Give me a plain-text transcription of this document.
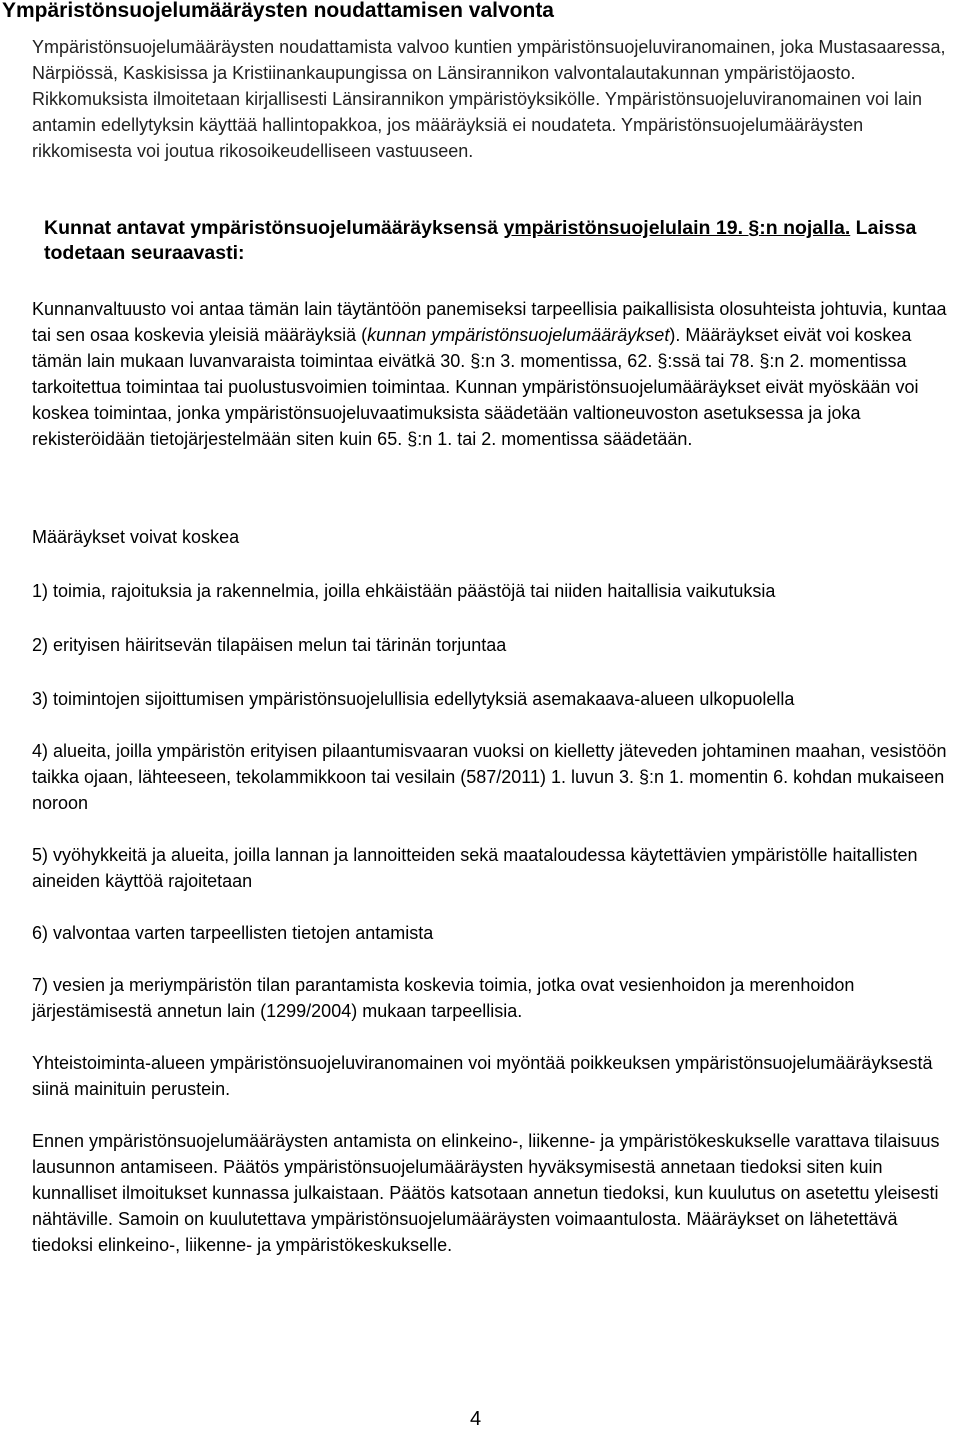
Ympäristönsuojelumääräysten noudattamisen valvonta

Ympäristönsuojelumääräysten noudattamista valvoo kuntien ympäristönsuojeluviranomainen, joka Mustasaaressa, Närpiössä, Kaskisissa ja Kristiinankaupungissa on Länsirannikon valvontalautakunnan ympäristöjaosto. Rikkomuksista ilmoitetaan kirjallisesti Länsirannikon ympäristöyksikölle. Ympäristönsuojeluviranomainen voi lain antamin edellytyksin käyttää hallintopakkoa, jos määräyksiä ei noudateta. Ympäristönsuojelumääräysten rikkomisesta voi joutua rikosoikeudelliseen vastuuseen.

Kunnat antavat ympäristönsuojelumääräyksensä ympäristönsuojelulain 19. §:n nojalla. Laissa todetaan seuraavasti:

Kunnanvaltuusto voi antaa tämän lain täytäntöön panemiseksi tarpeellisia paikallisista olosuhteista johtuvia, kuntaa tai sen osaa koskevia yleisiä määräyksiä (kunnan ympäristönsuojelumääräykset). Määräykset eivät voi koskea tämän lain mukaan luvanvaraista toimintaa eivätkä 30. §:n 3. momentissa, 62. §:ssä tai 78. §:n 2. momentissa tarkoitettua toimintaa tai puolustusvoimien toimintaa. Kunnan ympäristönsuojelumääräykset eivät myöskään voi koskea toimintaa, jonka ympäristönsuojeluvaatimuksista säädetään valtioneuvoston asetuksessa ja joka rekisteröidään tietojärjestelmään siten kuin 65. §:n 1. tai 2. momentissa säädetään.

Määräykset voivat koskea

1) toimia, rajoituksia ja rakennelmia, joilla ehkäistään päästöjä tai niiden haitallisia vaikutuksia

2) erityisen häiritsevän tilapäisen melun tai tärinän torjuntaa

3) toimintojen sijoittumisen ympäristönsuojelullisia edellytyksiä asemakaava-alueen ulkopuolella

4) alueita, joilla ympäristön erityisen pilaantumisvaaran vuoksi on kielletty jäteveden johtaminen maahan, vesistöön taikka ojaan, lähteeseen, tekolammikkoon tai vesilain (587/2011) 1. luvun 3. §:n 1. momentin 6. kohdan mukaiseen noroon

5) vyöhykkeitä ja alueita, joilla lannan ja lannoitteiden sekä maataloudessa käytettävien ympäristölle haitallisten aineiden käyttöä rajoitetaan

6) valvontaa varten tarpeellisten tietojen antamista

7) vesien ja meriympäristön tilan parantamista koskevia toimia, jotka ovat vesienhoidon ja merenhoidon järjestämisestä annetun lain (1299/2004) mukaan tarpeellisia.

Yhteistoiminta-alueen ympäristönsuojeluviranomainen voi myöntää poikkeuksen ympäristönsuojelumääräyksestä siinä mainituin perustein.

Ennen ympäristönsuojelumääräysten antamista on elinkeino-, liikenne- ja ympäristökeskukselle varattava tilaisuus lausunnon antamiseen. Päätös ympäristönsuojelumääräysten hyväksymisestä annetaan tiedoksi siten kuin kunnalliset ilmoitukset kunnassa julkaistaan. Päätös katsotaan annetun tiedoksi, kun kuulutus on asetettu yleisesti nähtäville. Samoin on kuulutettava ympäristönsuojelumääräysten voimaantulosta. Määräykset on lähetettävä tiedoksi elinkeino-, liikenne- ja ympäristökeskukselle.

4
